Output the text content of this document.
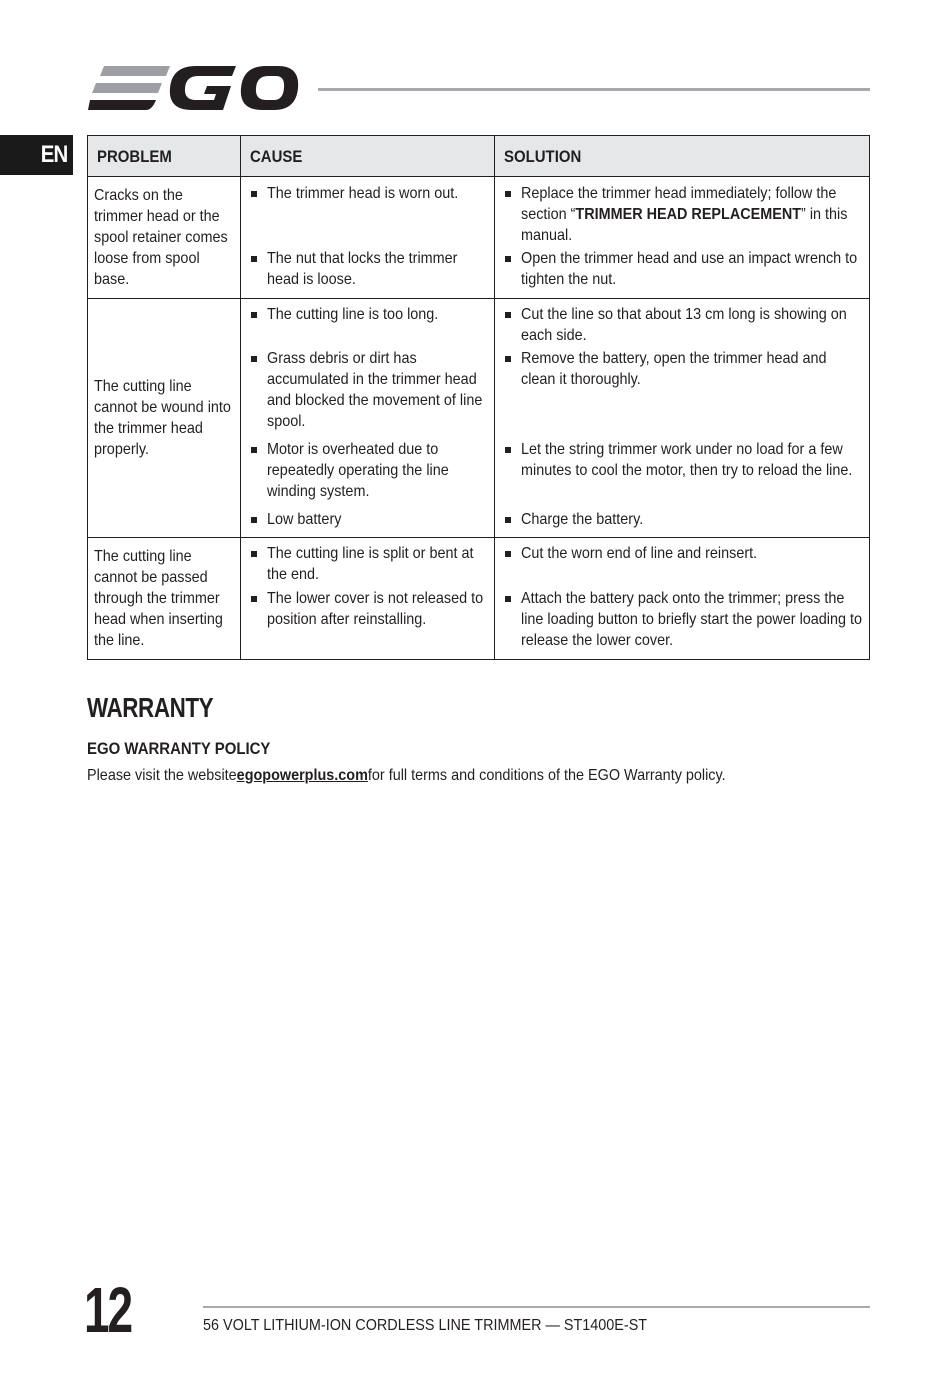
EN	PROBLEM	CAUSE	SOLUTION
Cracks on the trimmer head or the spool retainer comes loose from spool base.	The trimmer head is worn out.	Replace the trimmer head immediately; follow the section “TRIMMER HEAD REPLACEMENT” in this manual.

	The nut that locks the trimmer head is loose.	Open the trimmer head and use an impact wrench to tighten the nut.

The cutting line cannot be wound into the trimmer head properly.	The cutting line is too long.	Cut the line so that about 13 cm long is showing on each side.

	Grass debris or dirt has accumulated in the trimmer head and blocked the movement of line spool.	Remove the battery, open the trimmer head and clean it thoroughly.

	Motor is overheated due to repeatedly operating the line winding system.	Let the string trimmer work under no load for a few minutes to cool the motor, then try to reload the line.

	Low battery	Charge the battery.

The cutting line cannot be passed through the trimmer head when inserting the line.	The cutting line is split or bent at the end.	Cut the worn end of line and reinsert.

	The lower cover is not released to position after reinstalling.	Attach the battery pack onto the trimmer; press the line loading button to briefly start the power loading to release the lower cover.
WARRANTY
EGO WARRANTY POLICY
Please visit the websiteegopowerplus.comfor full terms and conditions of the EGO Warranty policy.
12	56 VOLT LITHIUM-ION CORDLESS LINE TRIMMER — ST1400E-ST
